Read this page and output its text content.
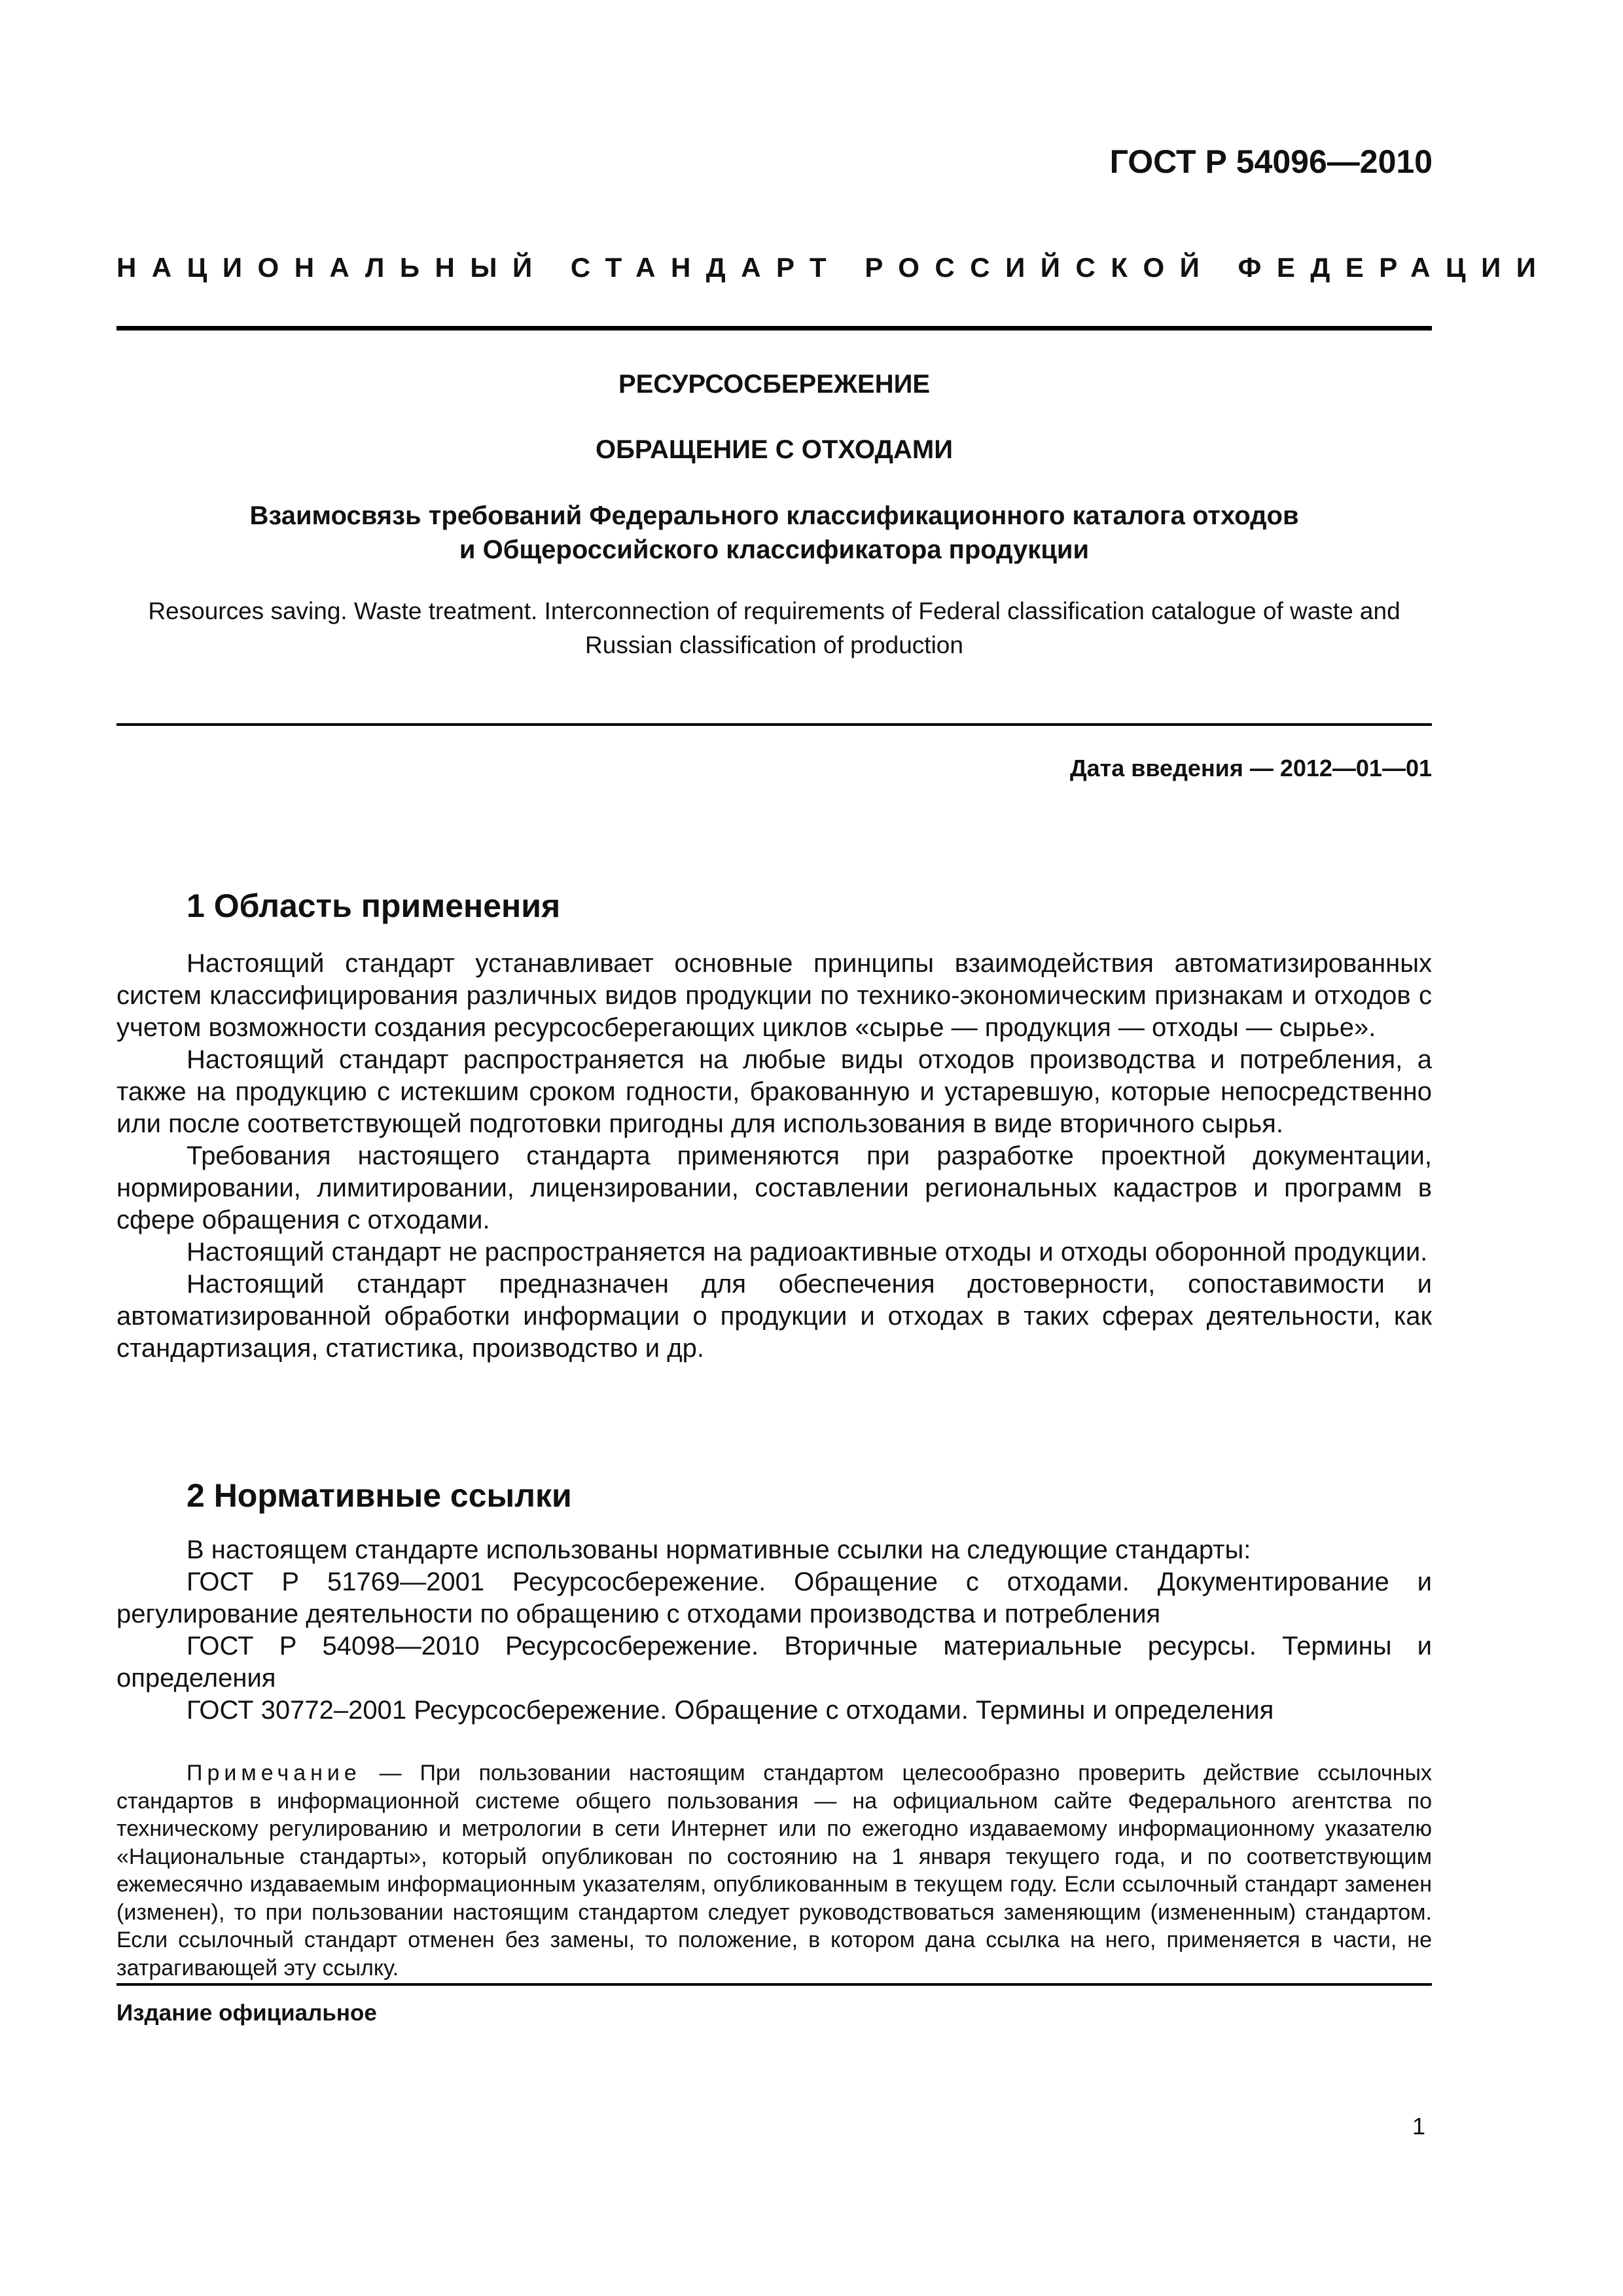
ГОСТ Р 54096—2010
НАЦИОНАЛЬНЫЙ СТАНДАРТ РОССИЙСКОЙ ФЕДЕРАЦИИ
РЕСУРСОСБЕРЕЖЕНИЕ
ОБРАЩЕНИЕ С ОТХОДАМИ
Взаимосвязь требований Федерального классификационного каталога отходов
и Общероссийского классификатора продукции
Resources saving. Waste treatment. Interconnection of requirements of Federal classification catalogue of waste and
Russian classification of production
Дата введения — 2012—01—01
1 Область применения

Настоящий стандарт устанавливает основные принципы взаимодействия автоматизированных систем классифицирования различных видов продукции по технико-экономическим признакам и отходов с учетом возможности создания ресурсосберегающих циклов «сырье — продукция — отходы — сырье».

Настоящий стандарт распространяется на любые виды отходов производства и потребления, а также на продукцию с истекшим сроком годности, бракованную и устаревшую, которые непосредственно или после соответствующей подготовки пригодны для использования в виде вторичного сырья.

Требования настоящего стандарта применяются при разработке проектной документации, нормировании, лимитировании, лицензировании, составлении региональных кадастров и программ в сфере обращения с отходами.

Настоящий стандарт не распространяется на радиоактивные отходы и отходы оборонной продукции.

Настоящий стандарт предназначен для обеспечения достоверности, сопоставимости и автоматизированной обработки информации о продукции и отходах в таких сферах деятельности, как стандартизация, статистика, производство и др.

2 Нормативные ссылки

В настоящем стандарте использованы нормативные ссылки на следующие стандарты:

ГОСТ Р 51769—2001 Ресурсосбережение. Обращение с отходами. Документирование и регулирование деятельности по обращению с отходами производства и потребления

ГОСТ Р 54098—2010 Ресурсосбережение. Вторичные материальные ресурсы. Термины и определения

ГОСТ 30772–2001 Ресурсосбережение. Обращение с отходами. Термины и определения

Примечание — При пользовании настоящим стандартом целесообразно проверить действие ссылочных стандартов в информационной системе общего пользования — на официальном сайте Федерального агентства по техническому регулированию и метрологии в сети Интернет или по ежегодно издаваемому информационному указателю «Национальные стандарты», который опубликован по состоянию на 1 января текущего года, и по соответствующим ежемесячно издаваемым информационным указателям, опубликованным в текущем году. Если ссылочный стандарт заменен (изменен), то при пользовании настоящим стандартом следует руководствоваться заменяющим (измененным) стандартом. Если ссылочный стандарт отменен без замены, то положение, в котором дана ссылка на него, применяется в части, не затрагивающей эту ссылку.

Издание официальное
1
